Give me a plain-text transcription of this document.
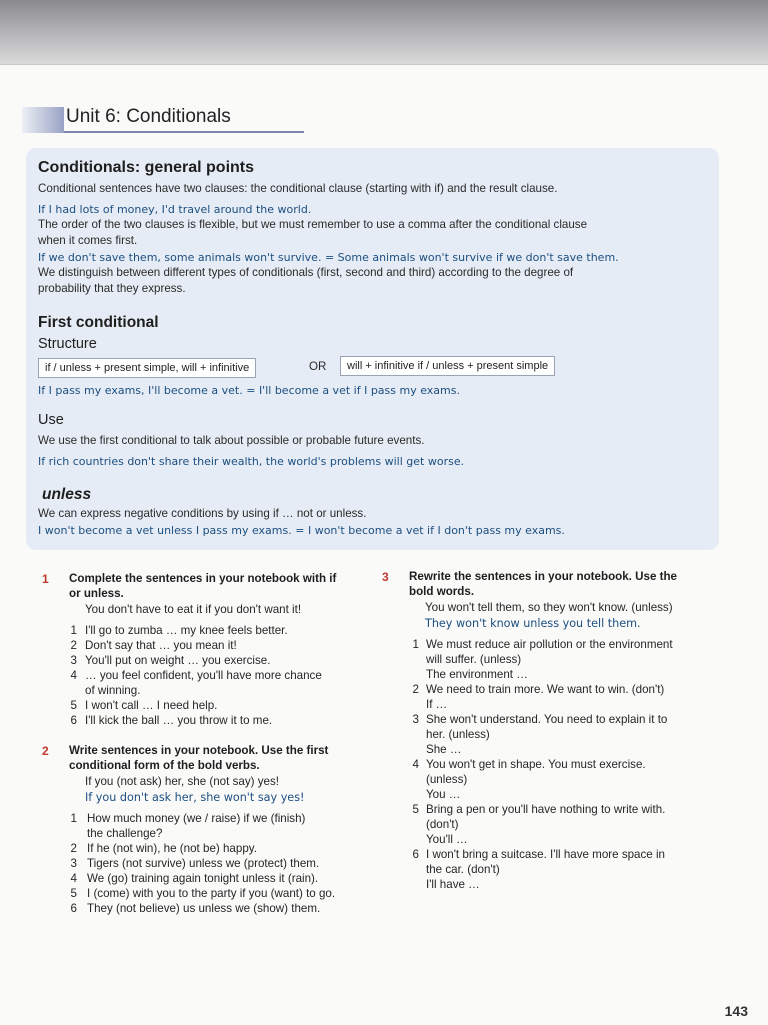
Unit 6: Conditionals
Conditionals: general points
Conditional sentences have two clauses: the conditional clause (starting with if) and the result clause.
If I had lots of money, I'd travel around the world.
The order of the two clauses is flexible, but we must remember to use a comma after the conditional clause
when it comes first.
If we don't save them, some animals won't survive. = Some animals won't survive if we don't save them.
We distinguish between different types of conditionals (first, second and third) according to the degree of
probability that they express.
First conditional
Structure
if / unless + present simple, will + infinitive	OR	will + infinitive if / unless + present simple
If I pass my exams, I'll become a vet. = I'll become a vet if I pass my exams.
Use
We use the first conditional to talk about possible or probable future events.
If rich countries don't share their wealth, the world's problems will get worse.
unless
We can express negative conditions by using if … not or unless.
I won't become a vet unless I pass my exams. = I won't become a vet if I don't pass my exams.
1 Complete the sentences in your notebook with if
or unless.
You don't have to eat it if you don't want it!
1 I'll go to zumba … my knee feels better.
2 Don't say that … you mean it!
3 You'll put on weight … you exercise.
4 … you feel confident, you'll have more chance
of winning.
5 I won't call … I need help.
6 I'll kick the ball … you throw it to me.
2 Write sentences in your notebook. Use the first
conditional form of the bold verbs.
If you (not ask) her, she (not say) yes!
If you don't ask her, she won't say yes!
1 How much money (we / raise) if we (finish)
the challenge?
2 If he (not win), he (not be) happy.
3 Tigers (not survive) unless we (protect) them.
4 We (go) training again tonight unless it (rain).
5 I (come) with you to the party if you (want) to go.
6 They (not believe) us unless we (show) them.
3 Rewrite the sentences in your notebook. Use the
bold words.
You won't tell them, so they won't know. (unless)
They won't know unless you tell them.
1 We must reduce air pollution or the environment
will suffer. (unless)
The environment …
2 We need to train more. We want to win. (don't)
If …
3 She won't understand. You need to explain it to
her. (unless)
She …
4 You won't get in shape. You must exercise.
(unless)
You …
5 Bring a pen or you'll have nothing to write with.
(don't)
You'll …
6 I won't bring a suitcase. I'll have more space in
the car. (don't)
I'll have …
143
